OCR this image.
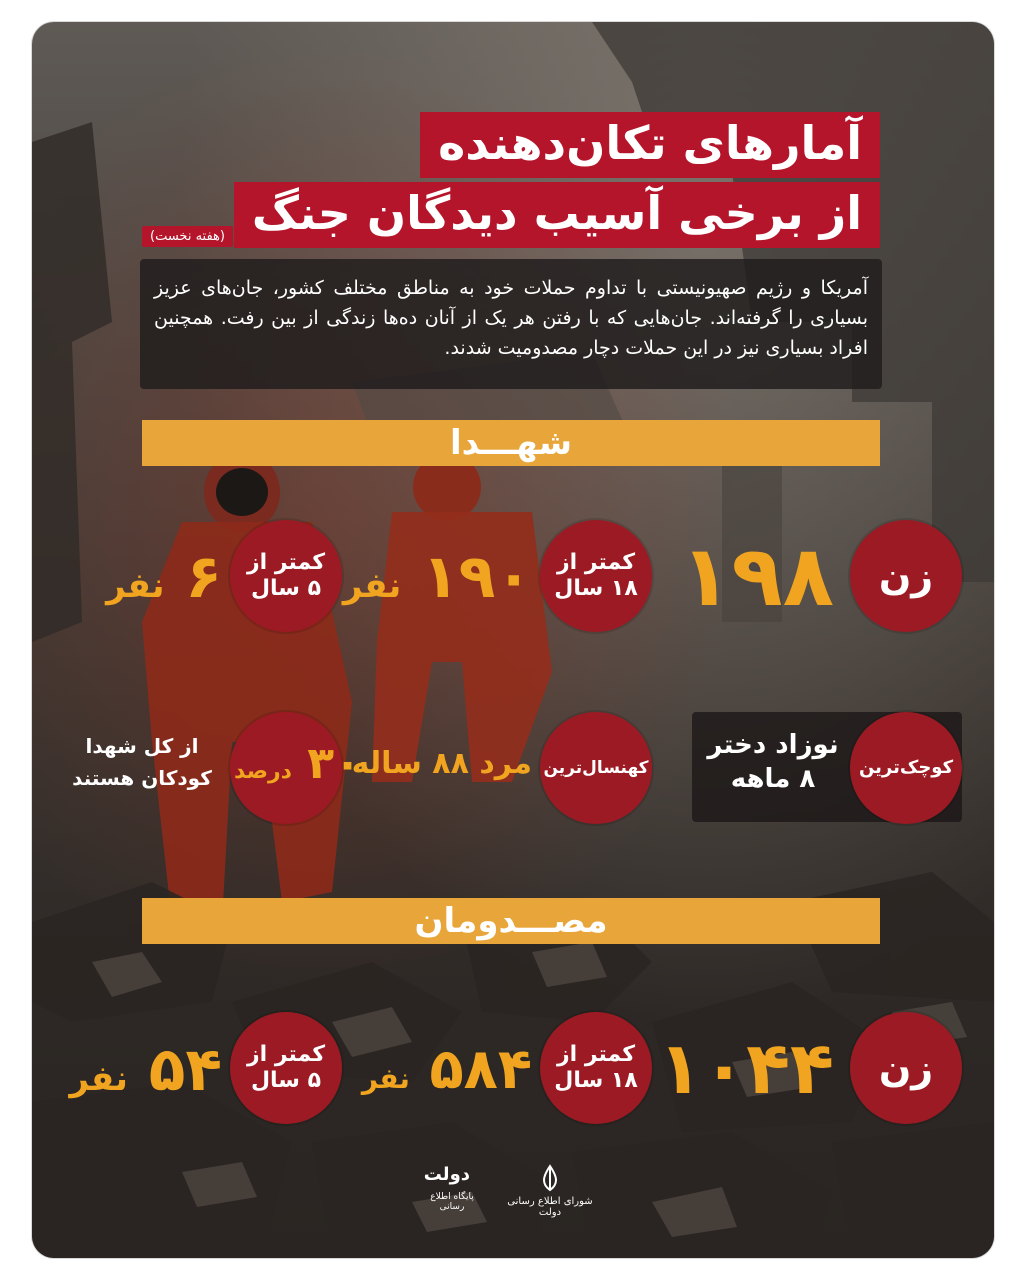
آمارهای تکان‌دهنده
از برخی آسیب دیدگان جنگ
(هفته نخست)
آمریکا و رژیم صهیونیستی با تداوم حملات خود به مناطق مختلف کشور، جان‌های عزیز بسیاری را گرفته‌اند. جان‌هایی که با رفتن هر یک از آنان ده‌ها زندگی از بین رفت. همچنین افراد بسیاری نیز در این حملات دچار مصدومیت شدند.
شهـــدا
زن
۱۹۸
کمتر از
۱۸ سال
۱۹۰ نفر
کمتر از
۵ سال
۶ نفر
کوچک‌ترین
نوزاد دختر
۸ ماهه
کهنسال‌ترین
مرد ۸۸ ساله
۳۰ درصد
از کل شهدا
کودکان هستند
مصـــدومان
زن
۱۰۴۴
کمتر از
۱۸ سال
۵۸۴ نفر
کمتر از
۵ سال
۵۴ نفر
شورای اطلاع رسانی دولت
دولت
پایگاه اطلاع رسانی
